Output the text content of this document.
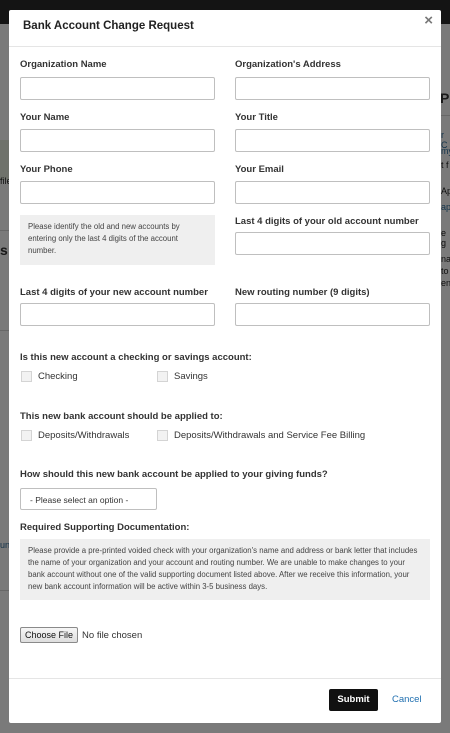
Bank Account Change Request	×
Organization Name	Organization's Address
Your Name	Your Title
Your Phone	Your Email
Please identify the old and new accounts by entering only the last 4 digits of the account number.
Last 4 digits of your old account number
Last 4 digits of your new account number	New routing number (9 digits)
Is this new account a checking or savings account:
Checking	Savings
This new bank account should be applied to:
Deposits/Withdrawals	Deposits/Withdrawals and Service Fee Billing
How should this new bank account be applied to your giving funds?
- Please select an option -
Required Supporting Documentation:
Please provide a pre-printed voided check with your organization's name and address or bank letter that includes the name of your organization and your account and routing number. We are unable to make changes to your bank account without one of the valid supporting document listed above. After we receive this information, your new bank account information will be active within 3-5 business days.
Choose File No file chosen
Submit	Cancel
